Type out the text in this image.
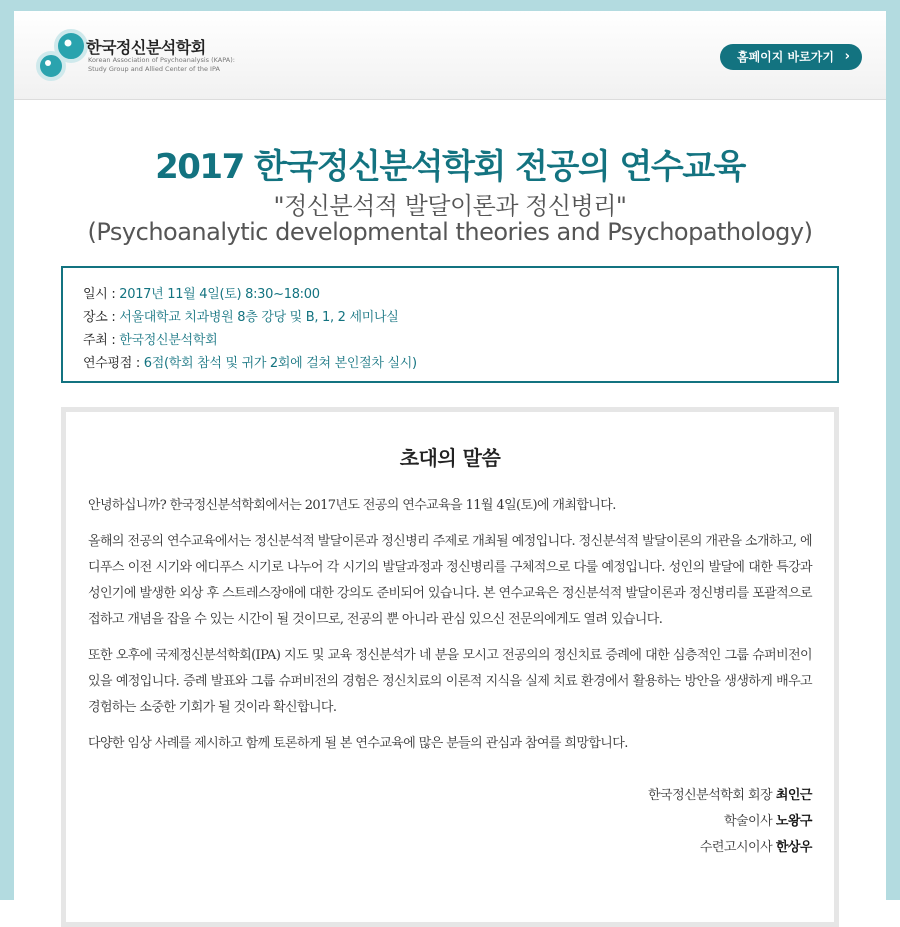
한국정신분석학회
Korean Association of Psychoanalysis (KAPA):
Study Group and Allied Center of the IPA
홈페이지 바로가기 ›
2017 한국정신분석학회 전공의 연수교육
"정신분석적 발달이론과 정신병리"
(Psychoanalytic developmental theories and Psychopathology)
일시 : 2017년 11월 4일(토) 8:30~18:00
장소 : 서울대학교 치과병원 8층 강당 및 B, 1, 2 세미나실
주최 : 한국정신분석학회
연수평점 : 6점(학회 참석 및 귀가 2회에 걸쳐 본인절차 실시)
초대의 말씀

안녕하십니까? 한국정신분석학회에서는 2017년도 전공의 연수교육을 11월 4일(토)에 개최합니다.

올해의 전공의 연수교육에서는 정신분석적 발달이론과 정신병리 주제로 개최될 예정입니다. 정신분석적 발달이론의 개관을 소개하고, 에디푸스 이전 시기와 에디푸스 시기로 나누어 각 시기의 발달과정과 정신병리를 구체적으로 다룰 예정입니다. 성인의 발달에 대한 특강과 성인기에 발생한 외상 후 스트레스장애에 대한 강의도 준비되어 있습니다. 본 연수교육은 정신분석적 발달이론과 정신병리를 포괄적으로 접하고 개념을 잡을 수 있는 시간이 될 것이므로, 전공의 뿐 아니라 관심 있으신 전문의에게도 열려 있습니다.

또한 오후에 국제정신분석학회(IPA) 지도 및 교육 정신분석가 네 분을 모시고 전공의의 정신치료 증례에 대한 심층적인 그룹 슈퍼비전이 있을 예정입니다. 증례 발표와 그룹 슈퍼비전의 경험은 정신치료의 이론적 지식을 실제 치료 환경에서 활용하는 방안을 생생하게 배우고 경험하는 소중한 기회가 될 것이라 확신합니다.

다양한 임상 사례를 제시하고 함께 토론하게 될 본 연수교육에 많은 분들의 관심과 참여를 희망합니다.

한국정신분석학회 회장 최인근
학술이사 노왕구
수련고시이사 한상우
